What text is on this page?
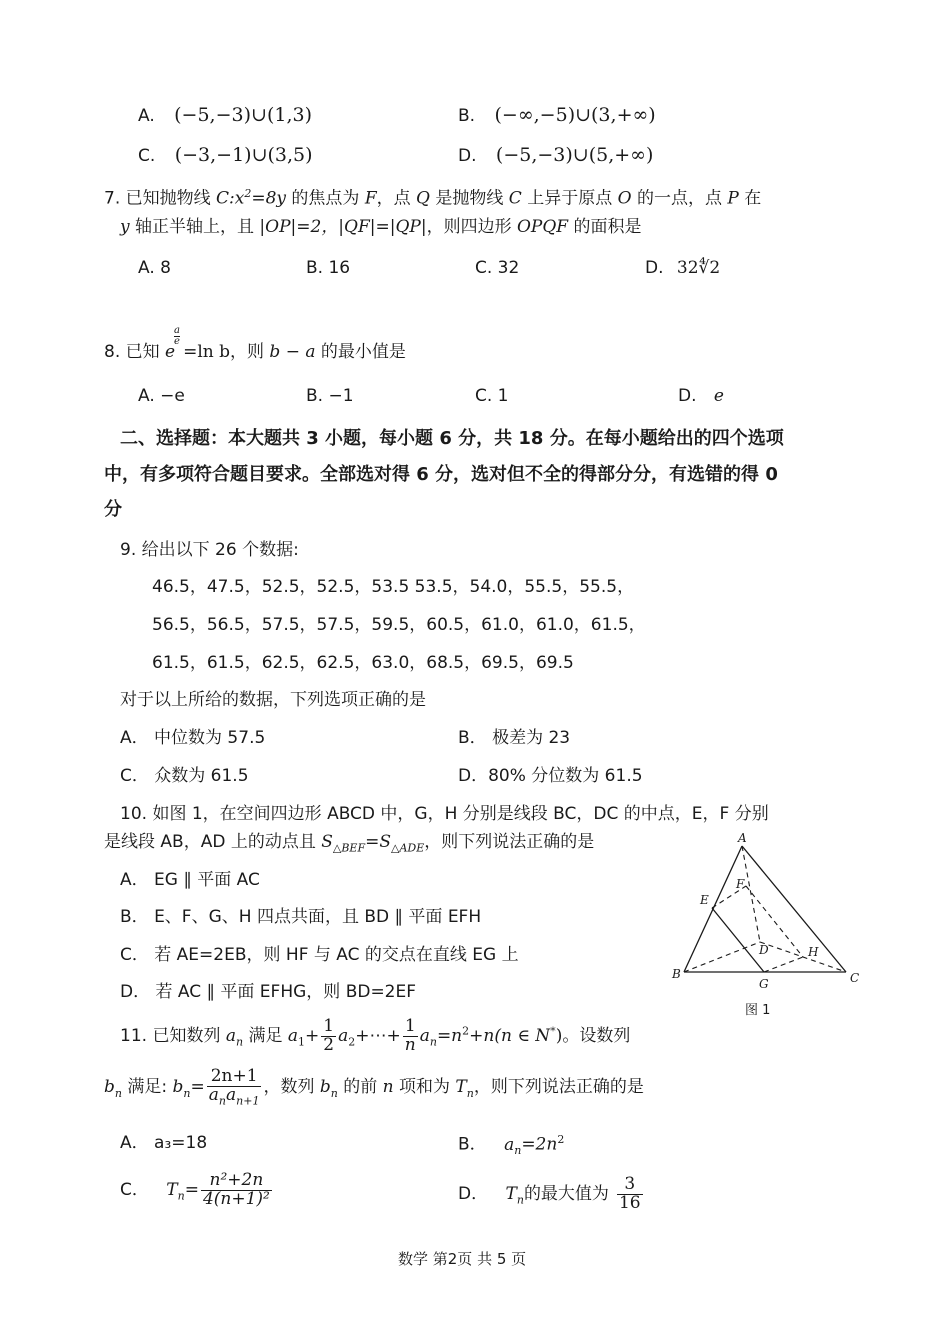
A. (−5,−3)∪(1,3)	B. (−∞,−5)∪(3,+∞)
C. (−3,−1)∪(3,5)	D. (−5,−3)∪(5,+∞)
7. 已知抛物线 $C:x^2=8y$ 的焦点为 F，点 Q 是抛物线 C 上异于原点 O 的一点，点 P 在
y 轴正半轴上，且 |OP|=2，|QF|=|QP|，则四边形 OPQF 的面积是
A. 8	B. 16	C. 32	D. 32∜2
8. 已知 e
$\frac{a}{e}$
=ln b，则 b − a 的最小值是
A. −e	B. −1	C. 1	D. e
二、选择题：本大题共 3 小题，每小题 6 分，共 18 分。在每小题给出的四个选项
中，有多项符合题目要求。全部选对得 6 分，选对但不全的得部分分，有选错的得 0
分
9. 给出以下 26 个数据:
46.5，47.5，52.5，52.5，53.5 53.5，54.0，55.5，55.5，
56.5，56.5，57.5，57.5，59.5，60.5，61.0，61.0，61.5，
61.5，61.5，62.5，62.5，63.0，68.5，69.5，69.5
对于以上所给的数据，下列选项正确的是
A． 中位数为 57.5	B． 极差为 23
C． 众数为 61.5	D．80% 分位数为 61.5
10. 如图 1，在空间四边形 ABCD 中，G，H 分别是线段 BC，DC 的中点，E，F 分别
是线段 AB，AD 上的动点且 $S_{\triangle BEF}=S_{\triangle ADE}$，则下列说法正确的是
A． EG ∥ 平面 AC
B． E、F、G、H 四点共面，且 BD ∥ 平面 EFH
C． 若 AE=2EB，则 HF 与 AC 的交点在直线 EG 上
D． 若 AC ∥ 平面 EFHG，则 BD=2EF
A
B	C
D
E
F
G
H
图 1
11. 已知数列 $a_n$ 满足 $a_1+ \frac{1}{2}$ $a_2+\cdots+ \frac{1}{n} a_n=n^2+n(n$ ∈ N*)。设数列
$b_n$ 满足: $b_n= \frac{2n+1}{a_na_{n+1}}$ ，数列 $b_n$ 的前 n 项和为 $T_n$，则下列说法正确的是
A． a₃=18	B． $a_n=2n^2$
C． $T_n= \frac{\text{n²+2n}}{\text{4(n+1)²}}$	D． $T_n$的最大值为 $\frac{3}{16}$
数学 第2页 共 5 页
